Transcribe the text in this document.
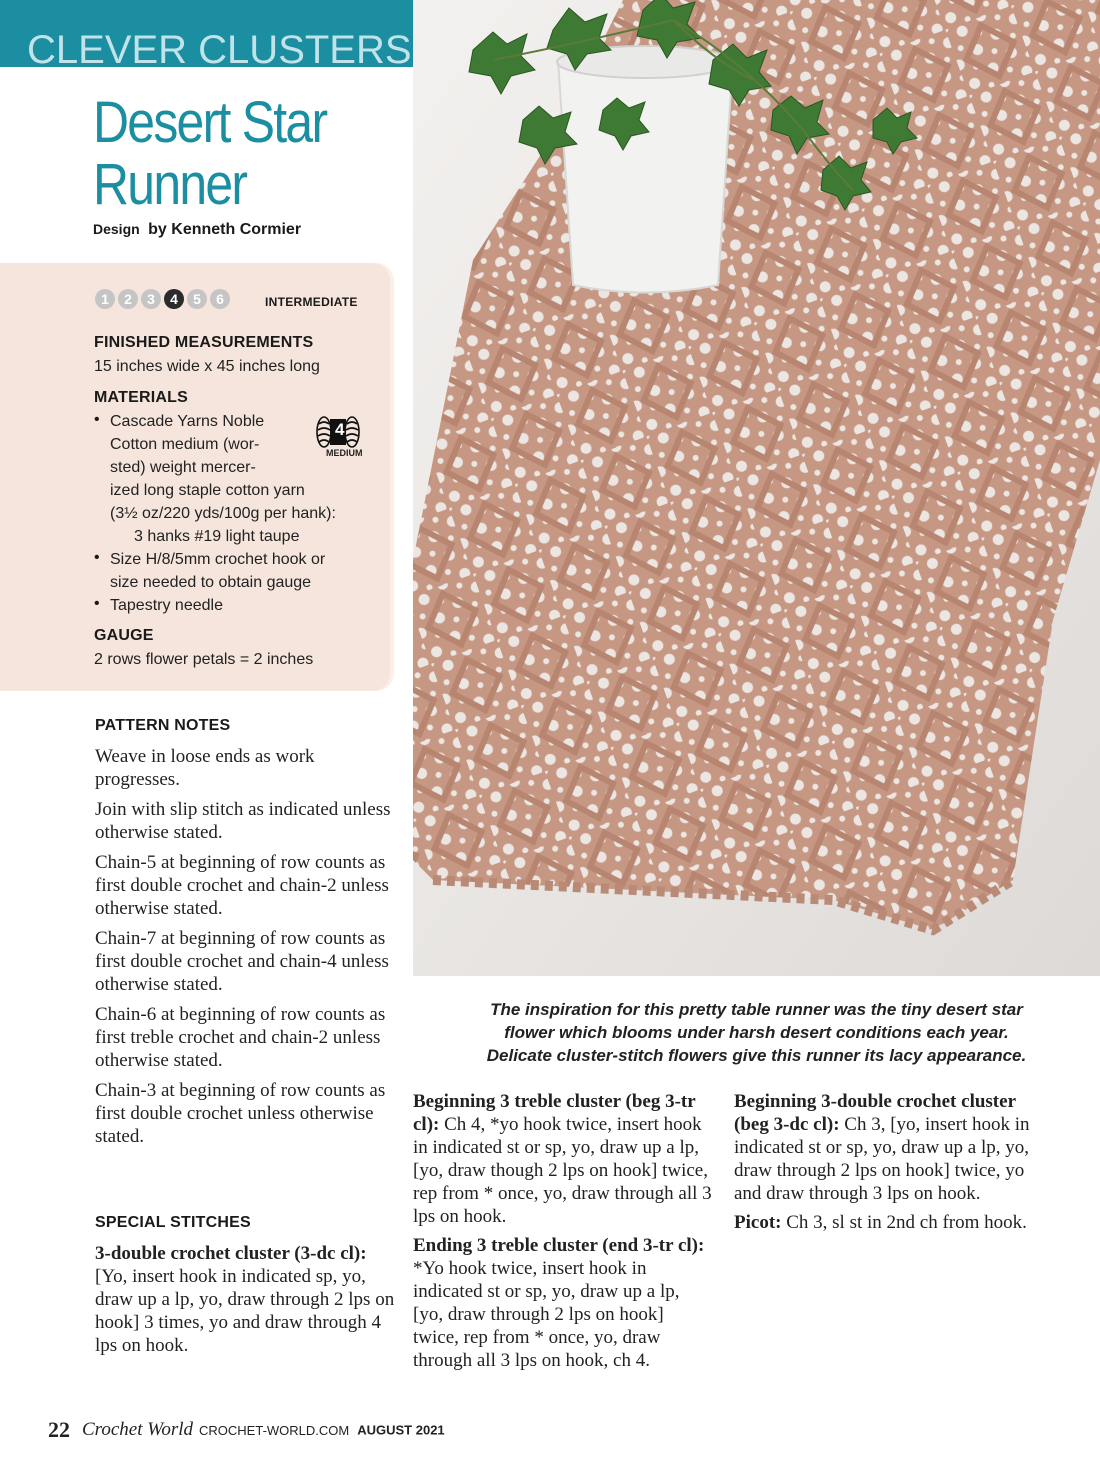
CLEVER CLUSTERS
Desert Star
Runner
Design by Kenneth Cormier
1	2	3	4	5	6	INTERMEDIATE
FINISHED MEASUREMENTS
15 inches wide x 45 inches long
MATERIALS
• Cascade Yarns Noble
Cotton medium (wor-
sted) weight mercer-
ized long staple cotton yarn
(3½ oz/220 yds/100g per hank):
3 hanks #19 light taupe
4
MEDIUM
• Size H/8/5mm crochet hook or
size needed to obtain gauge
• Tapestry needle
GAUGE
2 rows flower petals = 2 inches
PATTERN NOTES

Weave in loose ends as work progresses.

Join with slip stitch as indicated unless otherwise stated.

Chain-5 at beginning of row counts as first double crochet and chain-2 unless otherwise stated.

Chain-7 at beginning of row counts as first double crochet and chain-4 unless otherwise stated.

Chain-6 at beginning of row counts as first treble crochet and chain-2 unless otherwise stated.

Chain-3 at beginning of row counts as first double crochet unless otherwise stated.

SPECIAL STITCHES

3-double crochet cluster (3-dc cl): [Yo, insert hook in indicated sp, yo, draw up a lp, yo, draw through 2 lps on hook] 3 times, yo and draw through 4 lps on hook.

The inspiration for this pretty table runner was the tiny desert star
flower which blooms under harsh desert conditions each year.
Delicate cluster-stitch flowers give this runner its lacy appearance.

Beginning 3 treble cluster (beg 3-tr cl): Ch 4, *yo hook twice, insert hook in indicated st or sp, yo, draw up a lp, [yo, draw though 2 lps on hook] twice, rep from * once, yo, draw through all 3 lps on hook.

Ending 3 treble cluster (end 3-tr cl): *Yo hook twice, insert hook in indicated st or sp, yo, draw up a lp, [yo, draw through 2 lps on hook] twice, rep from * once, yo, draw through all 3 lps on hook, ch 4.

Beginning 3-double crochet cluster (beg 3-dc cl): Ch 3, [yo, insert hook in indicated st or sp, yo, draw up a lp, yo, draw through 2 lps on hook] twice, yo and draw through 3 lps on hook.

Picot: Ch 3, sl st in 2nd ch from hook.

22 Crochet World CROCHET-WORLD.COM AUGUST 2021
